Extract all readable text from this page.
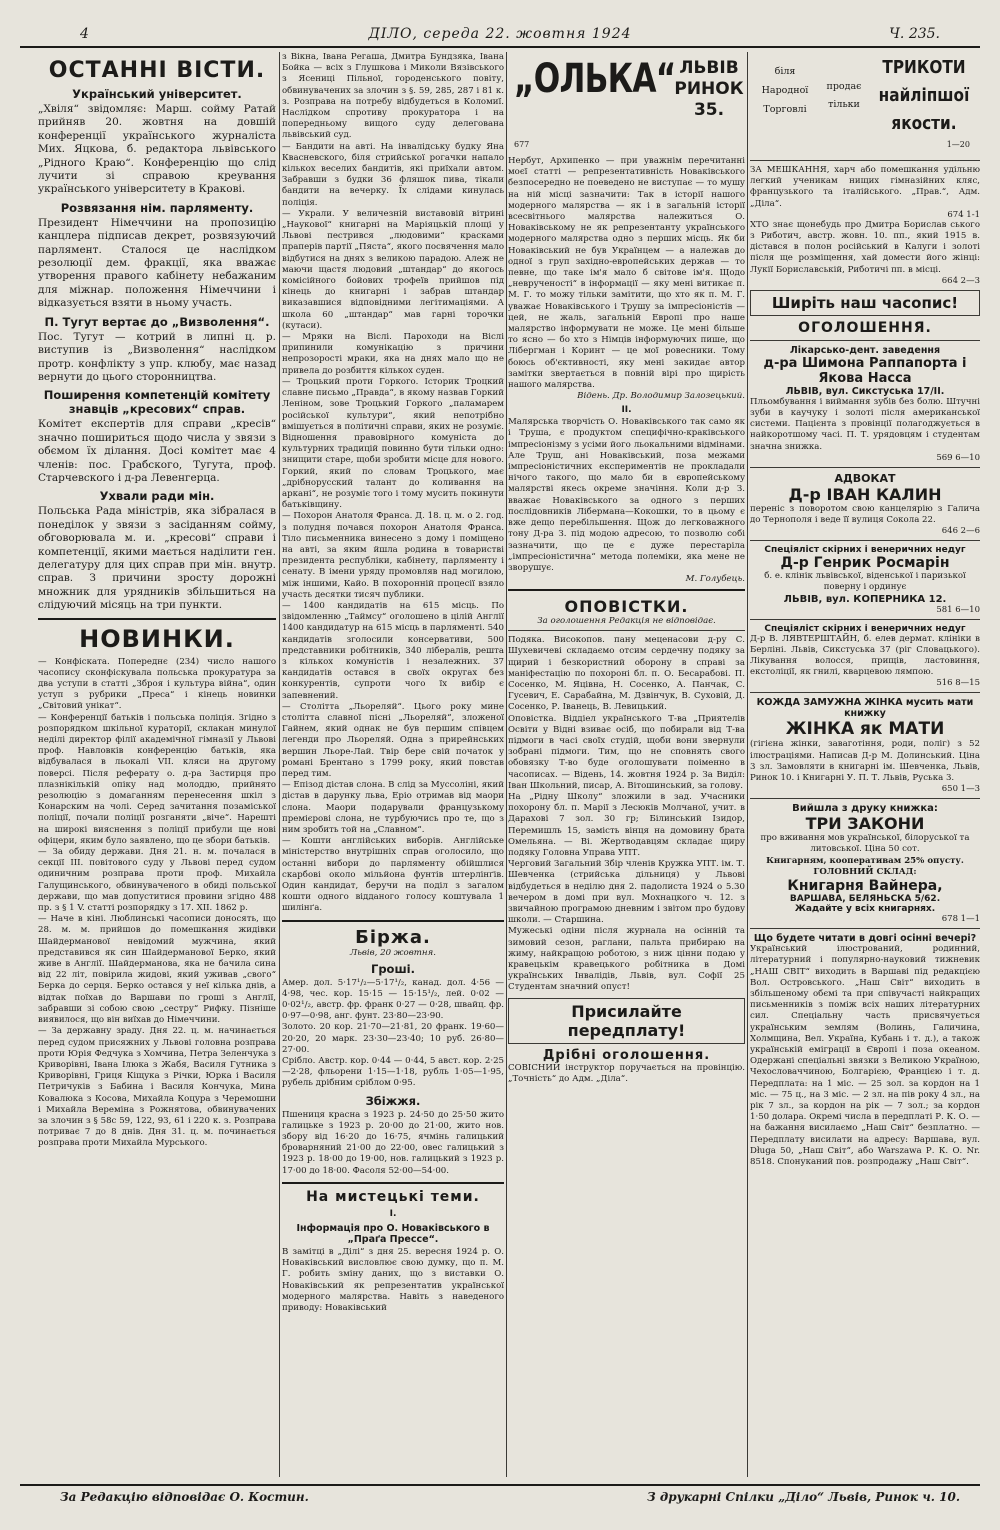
4	ДІЛО, середа 22. жовтня 1924	Ч. 235.
ОСТАННІ ВІСТИ.
Український університет.
„Хвіля“ звідомляє: Марш. сойму Ратай прийняв 20. жовтня на довшій конференції українського журналіста Мих. Яцкова, б. редактора львівського „Рідного Краю“. Конференцію що слід лучити зі справою креування українського університету в Кракові.
Розвязання нім. парляменту.
Президент Німеччини на пропозицію канцлера підписав декрет, розвязуючий парлямент. Сталося це наслідком резолюції дем. фракції, яка вважає утворення правого кабінету небажаним для міжнар. положення Німеччини і відказується взяти в ньому участь.
П. Тугут вертає до „Визволення“.
Пос. Тугут — котрий в липні ц. р. виступив із „Визволення“ наслідком протр. конфлікту з упр. клюбу, має назад вернути до цього сторонництва.
Поширення компетенцій комітету знавців „кресових“ справ.
Комітет експертів для справи „кресів“ значно пошириться щодо числа у звязи з обємом їх ділання. Досі комітет має 4 членів: пос. Грабского, Тугута, проф. Старчевского і д-ра Левенгерца.
Ухвали ради мін.
Польська Рада міністрів, яка зібралася в понеділок у звязи з засіданням сойму, обговорювала м. и. „кресові“ справи і компетенції, якими мається наділити ген. делегатуру для цих справ при мін. внутр. справ. З причини зросту дорожні множник для урядників збільшиться на слідуючий місяць на три пункти.
НОВИНКИ.
— Конфіската. Попереднє (234) число нашого часопису сконфіскувала польська прокуратура за два уступи в статті „Зброя і культура війна“, один уступ з рубрики „Преса“ і кінець новинки „Світовий унікат“.
— Конференції батьків і польська поліція. Згідно з розпорядком шкільної кураторії, склакан минулої неділі директор філії академічної гімназії у Львові проф. Навловків конференцію батьків, яка відбувалася в льокалі VII. кляси на другому поверсі. Після реферату о. д-ра Застирця про плазнікількій опіку над молоддю, прийнято резолюцію з домаганням перенесення шкіл з Конарским на чолі. Серед зачитання позаміської поліції, почали поліції розганяти „віче“. Нарешті на широкі вияснення з поліції прибули ще нові офіцери, яким було заявлено, що це збори батьків.
— За обиду держави. Дня 21. н. м. почалася в секції III. повітового суду у Львові перед судом одиничним розправа проти проф. Михайла Галущинського, обвинуваченого в обиді польської держави, що мав допуститися провини згідно 488 пр. з § 1 V. статті розпорядку з 17. XII. 1862 р.
— Наче в кіні. Люблинські часописи доносять, що 28. м. м. прийшов до помешкання жидівки Шайдерманової невідомий мужчина, який представився як син Шайдерманової Берко, який живе в Англії. Шайдерманова, яка не бачила сина від 22 літ, повірила жидові, який уживав „свого“ Берка до серця. Берко остався у неї кілька днів, а відтак поїхав до Варшави по гроші з Англії, забравши зі собою свою „сестру“ Рифку. Пізніше виявилося, що він виїхав до Німеччини.
— За державну зраду. Дня 22. ц. м. начинається перед судом присяжних у Львові головна розправа проти Юрія Федчука з Хомчина, Петра Зеленчука з Криворівні, Івана Ілюка з Жабя, Василя Гутника з Криворівні, Гриця Кіщука з Річки, Юрка і Василя Петричуків з Бабина і Василя Кончука, Мина Ковалюка з Косова, Михайла Коцура з Черемошни і Михайла Вереміна з Рожнятова, обвинувачених за злочин з § 58c 59, 122, 93, 61 і 220 к. з. Розправа потриває 7 до 8 днів. Дня 31. ц. м. починається розправа проти Михайла Мурського.
з Вікна, Івана Регаша, Дмитра Бундзяка, Івана Бойка — всіх з Глушкова і Миколи Вязівського з Ясениці Пільної, городенського повіту, обвинувачених за злочин з §. 59, 285, 287 і 81 к. з. Розправа на потребу відбудеться в Коломиї. Наслідком спротиву прокуратора і на попередньому вищого суду делегована львівський суд.
— Бандити на авті. На інвалідську будку Яна Квасневского, біля стрийської рогачки напало кількох веселих бандитів, які приїхали автом. Забравши з будки 36 фляшок пива, тікали бандити на вечерку. Їх слідами кинулась поліція.
— Украли. У величезній виставовій вітрині „Наукової“ книгарні на Маріяцькій площі у Львові пестрився „людовими“ красками праперів партії „Пяста“, якого посвячення мало відбутися на днях з великою парадою. Алеж не маючи щастя людовий „штандар“ до якогось комісійного бойових трофеїв прийшов під кінець до книгарні і забрав штандар виказавшися відповідними легітимаціями. А школа 60 „штандар“ мав гарні торочки (кутаси).
— Мряки на Віслі. Пароходи на Віслі припинили комунікацію з причини непрозорості мраки, яка на днях мало що не привела до розбиття кількох суден.
— Троцький проти Горкого. Історик Троцкий славне письмо „Правда“, в якому назвав Горкий Леніном, зове Троцький Горкого „паламарем російської культури“, який непотрібно вмішується в політичні справи, яких не розуміє. Відношення правовірного комуніста до культурних традицій повинно бути тільки одно: знищити старе, щоби зробити місце для нового. Горкий, який по словам Троцького, має „дрібнорусский талант до коливання на аркані“, не розуміє того і тому мусить покинути батьківщину.
— Похорон Анатоля Франса. Д. 18. ц. м. о 2. год. з полудня почався похорон Анатоля Франса. Тіло письменника винесено з дому і поміщено на авті, за яким йшла родина в товаристві президента республіки, кабінету, парляменту і сенату. В імени уряду промовляв над могилою, між іншими, Кайо. В похоронній процесії взяло участь десятки тисяч публики.
— 1400 кандидатів на 615 місць. По звідомленню „Таймсу“ оголошено в цілій Англії 1400 кандидатур на 615 місць в парляменті. 540 кандидатів зголосили консервативи, 500 представники робітників, 340 лібералів, решта з кількох комуністів і незалежних. 37 кандидатів остався в своїх округах без конкурентів, супроти чого їх вибір є запевнений.
— Столітта „Льореляй“. Цього року мине столітта славної пісні „Льореляй“, зложеної Гайнем, який однак не був першим співцем легенди про Льореляй. Одна з прирейнських вершин Льоре-Лай. Твір бере свій початок у романі Брентано з 1799 року, який повстав перед тим.
— Епізод дістав слона. В слід за Муссоліні, який дістав в дарунку льва, Еріо отримав від маори слона. Маори подарували французькому премієрові слона, не турбуючись про те, що з ним зробить той на „Славном“.
— Кошти англійських виборів. Англійське міністерство внутрішніх справ оголосило, що останні вибори до парляменту обійшлися скарбові около мільйона фунтів штерлінґів. Один кандидат, беручи на поділ з загалом кошти одного відданого голосу коштувала 1 шилінґа.
Біржа.
Львів, 20 жовтня.
Гроші.
Амер. дол. 5·17¹/₂—5·17¹/₂, канад. дол. 4·56 — 4·98, чес. кор. 15·15 — 15·15¹/₂, лей. 0·02 — 0·02¹/₂, австр. фр. франк 0·27 — 0·28, швайц. фр. 0·97—0·98, анг. фунт. 23·80—23·90.
Золото. 20 кор. 21·70—21·81, 20 франк. 19·60—20·20, 20 марк. 23·30—23·40; 10 руб. 26·80—27·00.
Срібло. Австр. кор. 0·44 — 0·44, 5 авст. кор. 2·25—2·28, фльорени 1·15—1·18, рубль 1·05—1·95, рубель дрібним сріблом 0·95.
Збіжжя.
Пшениця красна з 1923 р. 24·50 до 25·50 жито галицьке з 1923 р. 20·00 до 21·00, жито нов. збору від 16·20 до 16·75, ячмінь галицький броварняний 21·00 до 22·00, овес галицький з 1923 р. 18·00 до 19·00, нов. галицький з 1923 р. 17·00 до 18·00. Фасоля 52·00—54·00.
На мистецькі теми.
I.
Інформація про О. Новаківського в „Праґа Прессе“.
В замітці в „Ділі“ з дня 25. вересня 1924 р. О. Новаківський висловлює свою думку, що п. М. Г. робить зміну даних, що з виставки О. Новаківський як репрезентатив української модерного малярства. Навіть з наведеного приводу: Новаківський
„ОЛЬКА“ ЛЬВІВ РИНОК 35.
677
Нербут, Архипенко — при уважнім перечитанні моєї статті — репрезентативність Новаківського безпосередно не поеведено не виступає — то мушу на ній місці зазначити: Так в історії нашого модерного малярства — як і в загальній історії всесвітнього малярства належиться О. Новаківському не як репрезентанту українського модерного малярства одно з перших місць. Як би Новаківський не був Українцем — а належав до одної з груп західно-европейських держав — то певне, що таке ім'я мало б світове ім'я. Щодо „неврученості“ в інформації — яку мені витикає п. М. Г. то можу тільки замітити, що хто як п. М. Г. уважає Новаківського і Трушу за імпресіоністів — цей, не жаль, загальній Европі про наше малярство інформувати не може. Це мені більше то ясно — бо хто з Німців інформуючих пише, що Лібергман і Коринт — це мої ровесники. Тому боюсь об'єктивності, яку мені закидає автор замітки звертається в повній вірі про щирість нашого малярства.
Відень. Др. Володимир Залозецький.
II.
Малярська творчість О. Новаківського так само як і Труша, є продуктом специфічно-краківського імпресіонізму з усіми його льокальними відмінами. Але Труш, ані Новаківський, поза межами імпресіоністичних експериментів не прокладали нічого такого, що мало би в європейському малярстві якесь окреме значіння. Коли д-р З. вважає Новаківського за одного з перших послідовників Лібермана—Кокошки, то в цьому є вже дещо перебільшення. Щож до легковажного тону Д-ра З. під модою адресою, то позволю собі зазначити, що це є дуже перестаріла „імпресіоністична“ метода полеміки, яка мене не зворушує.
М. Голубець.
ОПОВІСТКИ.
За оголошення Редакція не відповідає.
Подяка. Високопов. пану меценасови д-ру С. Шухевичеві складаємо отсим сердечну подяку за щирий і безкористний оборону в справі за маніфестацію по похороні бл. п. О. Бесарабові. П. Сосенко, М. Яцівна, Н. Сосенко, А. Панчак, С. Гусевич, Е. Сарабайна, М. Дзвінчук, В. Суховій, Д. Сосенко, Р. Іванець, В. Левицький.
Оповістка. Віддіел українського Т-ва „Приятелів Освіти у Відні взиває осіб, що побирали від Т-ва підмоги в часі своїх студій, щоби вони звернули зобрані підмоги. Тим, що не сповнять свого обовязку Т-во буде оголошувати поіменно в часописах. — Відень, 14. жовтня 1924 р. За Виділ: Іван Школьний, писар, А. Вітошинський, за голову.
На „Рідну Школу“ зложили в зад. Учасники похорону бл. п. Марії з Лесюків Молчаної, учит. в Дарахові 7 зол. 30 гр; Білинський Ізидор, Перемишль 15, замість вінця на домовину брата Омельяна. — Ві. Жертводавцям складає щиру подяку Головна Управа УПТ.
Черговий Загальний Збір членів Кружка УПТ. ім. Т. Шевченка (стрийська дільниця) у Львові відбудеться в неділю дня 2. падолиста 1924 о 5.30 вечером в домі при вул. Мохнацкого ч. 12. з звичайною програмою дневним і звітом про будову школи. — Старшина.
Мужеські одіни після журнала на осінній та зимовий сезон, раглани, пальта прибираю на жиму, найкращою роботою, з ниж цінни подаю у кравецькім кравецького робітника в Домі українських Інвалідів, Львів, вул. Софії 25 Студентам значний опуст!
Присилайте передплату!
Дрібні оголошення.
СОВІСНИЙ інструктор поручається на провінцію. „Точність“ до Адм. „Діла“.
біля Народної Торговлі
продає тільки
ТРИКОТИ найліпшої якости.
1—20
ЗА МЕШКАННЯ, харч або помешкання удільню легкий ученикам нищих гімназійних кляс, французького та італійського. „Прав.“, Адм. „Діла“.
674 1-1
ХТО знає щонебудь про Дмитра Борислав ського з Риботич, австр. жовн. 10. пп., який 1915 в. дістався в полон російський в Калуги і золоті після ще розміщення, хай домести його жінці: Лукії Бориславській, Риботичі пп. в місці.
664 2—3
Ширіть наш часопис!
ОГОЛОШЕННЯ.
Лікарсько-дент. заведення
д-ра Шимона Раппапорта і Якова Насса
ЛЬВІВ, вул. Сикстуська 17/II.
Пльомбування і виймання зубів без болю. Штучні зуби в каучуку і золоті після американської системи. Пацієнта з провінції полагоджується в найкоротшому часі. П. Т. урядовцям і студентам значна знижка.
569 6—10
АДВОКАТ
Д-р ІВАН КАЛИН
переніс з поворотом свою канцелярію з Галича до Тернополя і веде її вулиця Сокола 22.
646 2—6
Спеціяліст скірних і венеричних недуг
Д-р Генрик Росмарін
б. е. клінік львівської, віденської і паризької поверну і ординує
ЛЬВІВ, вул. КОПЕРНИКА 12.
581 6—10
Спеціяліст скірних і венеричних недуг
Д-р В. ЛЯВТЕРШТАЙН, б. елев дермат. клініки в Берліні. Львів, Сикстуська 37 (ріг Словацького). Лікування волосся, прищів, ластовиння, екстоліції, як гнилі, кварцевою лямпою.
516 8—15
КОЖДА ЗАМУЖНА ЖІНКА мусить мати книжку
ЖІНКА як МАТИ
(гігієна жінки, заваготіння, роди, поліг) з 52 ілюстраціями. Написав Д-р М. Долинський. Ціна 3 зл. Замовляти в книгарні ім. Шевченка, Львів, Ринок 10. і Книгарні У. П. Т. Львів, Руська 3.
650 1—3
Вийшла з друку книжка:
ТРИ ЗАКОНИ
про вживання мов української, білоруської та литовської. Ціна 50 сот.
Книгарням, кооперативам 25% опусту. ГОЛОВНИЙ СКЛАД:
Книгарня Вайнера,
ВАРШАВА, БЕЛЯНЬСКА 5/62.
Жадайте у всіх книгарнях.
678 1—1
Що будете читати в довгі осінні вечері?
Український ілюстрований, родинний, літературний і популярно-науковий тижневик „НАШ СВІТ“ виходить в Варшаві під редакцією Вол. Островського. „Наш Світ“ виходить в збільшеному обємі та при співучасті найкращих письменників з поміж всіх наших літературних сил. Спеціальну часть присвячується українським землям (Волинь, Галичина, Холмщина, Вел. Україна, Кубань і т. д.), а також українській еміграції в Європі і поза океаном. Одержані спеціальні звязки з Великою Україною, Чехословаччиною, Болгарією, Францією і т. д. Передплата: на 1 міс. — 25 зол. за кордон на 1 міс. — 75 ц., на 3 міс. — 2 зл. на пів року 4 зл., на рік 7 зл., за кордон на рік — 7 зол.; за кордон 1·50 долара. Окремі числа в передплаті Р. К. О. — на бажання висилаємо „Наш Світ“ безплатно. — Передплату висилати на адресу: Варшава, вул. Długa 50, „Наш Світ“, або Warszawa Р. К. О. Nr. 8518. Спонуканий пов. розпродажу „Наш Світ“.
За Редакцію відповідає О. Костин.	З друкарні Спілки „Діло“ Львів, Ринок ч. 10.
